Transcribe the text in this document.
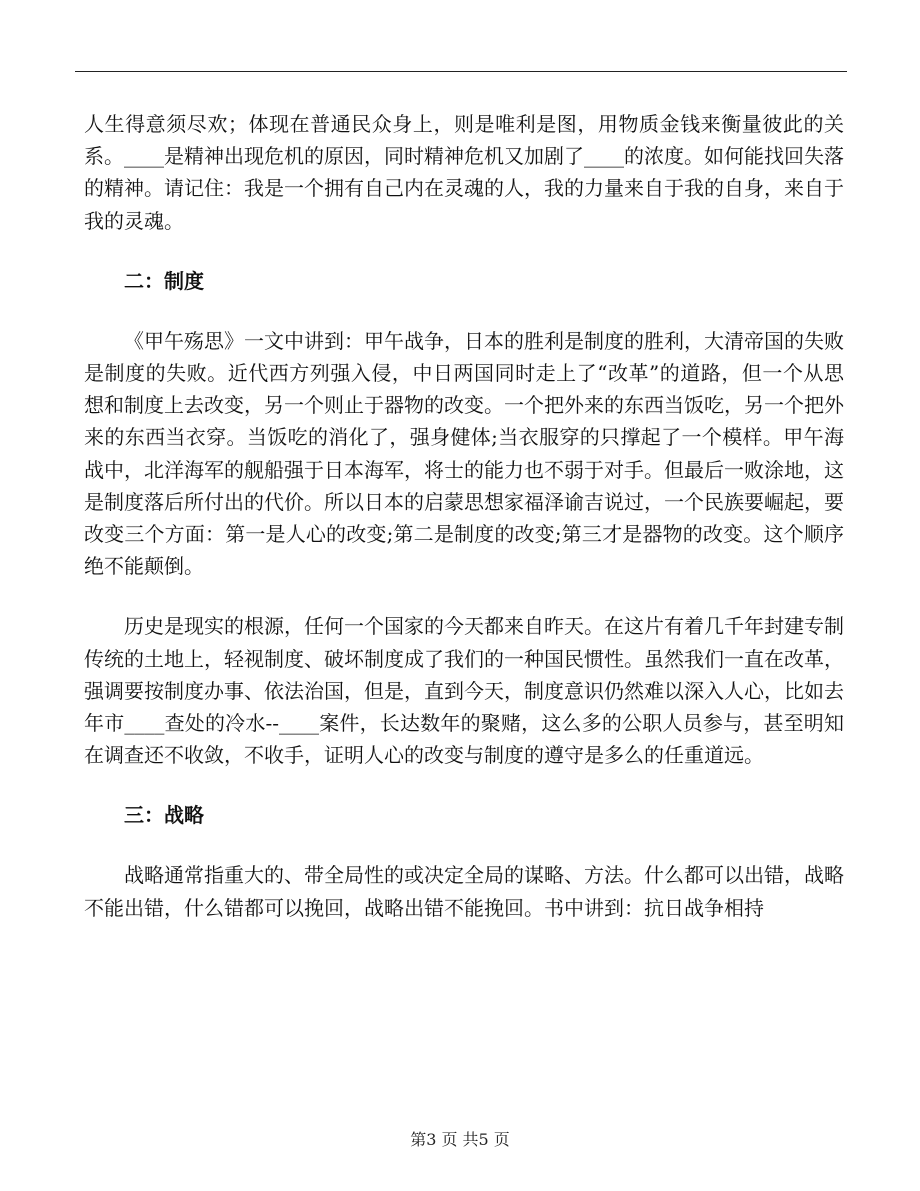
人生得意须尽欢；体现在普通民众身上，则是唯利是图，用物质金钱来衡量彼此的关系。____是精神出现危机的原因，同时精神危机又加剧了____的浓度。如何能找回失落的精神。请记住：我是一个拥有自己内在灵魂的人，我的力量来自于我的自身，来自于我的灵魂。

二：制度

《甲午殇思》一文中讲到：甲午战争，日本的胜利是制度的胜利，大清帝国的失败是制度的失败。近代西方列强入侵，中日两国同时走上了“改革”的道路，但一个从思想和制度上去改变，另一个则止于器物的改变。一个把外来的东西当饭吃，另一个把外来的东西当衣穿。当饭吃的消化了，强身健体;当衣服穿的只撑起了一个模样。甲午海战中，北洋海军的舰船强于日本海军，将士的能力也不弱于对手。但最后一败涂地，这是制度落后所付出的代价。所以日本的启蒙思想家福泽谕吉说过，一个民族要崛起，要改变三个方面：第一是人心的改变;第二是制度的改变;第三才是器物的改变。这个顺序绝不能颠倒。

历史是现实的根源，任何一个国家的今天都来自昨天。在这片有着几千年封建专制传统的土地上，轻视制度、破坏制度成了我们的一种国民惯性。虽然我们一直在改革，强调要按制度办事、依法治国，但是，直到今天，制度意识仍然难以深入人心，比如去年市____查处的冷水--____案件，长达数年的聚赌，这么多的公职人员参与，甚至明知在调查还不收敛，不收手，证明人心的改变与制度的遵守是多么的任重道远。

三：战略

战略通常指重大的、带全局性的或决定全局的谋略、方法。什么都可以出错，战略不能出错，什么错都可以挽回，战略出错不能挽回。书中讲到：抗日战争相持

第3 页 共5 页
